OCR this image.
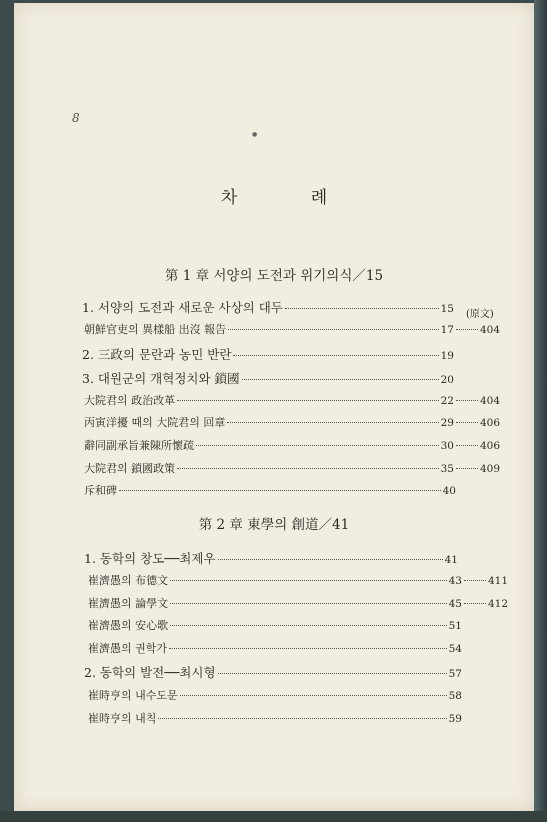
●
8
차 례
第 1 章 서양의 도전과 위기의식／15
(原文)
1. 서양의 도전과 새로운 사상의 대두	15
朝鮮官吏의 異樣船 出沒 報告	17 404
2. 三政의 문란과 농민 반란	19
3. 대원군의 개혁정치와 鎖國	20
大院君의 政治改革	22 404
丙寅洋擾 때의 大院君의 回章	29 406
辭同副承旨兼陳所懷疏	30 406
大院君의 鎖國政策	35 409
斥和碑	40
第 2 章 東學의 創道／41
1. 동학의 창도──최제우	41
崔濟愚의 布德文	43 411
崔濟愚의 論學文	45 412
崔濟愚의 安心歌	51
崔濟愚의 권학가	54
2. 동학의 발전──최시형	57
崔時亨의 내수도문	58
崔時亨의 내칙	59
